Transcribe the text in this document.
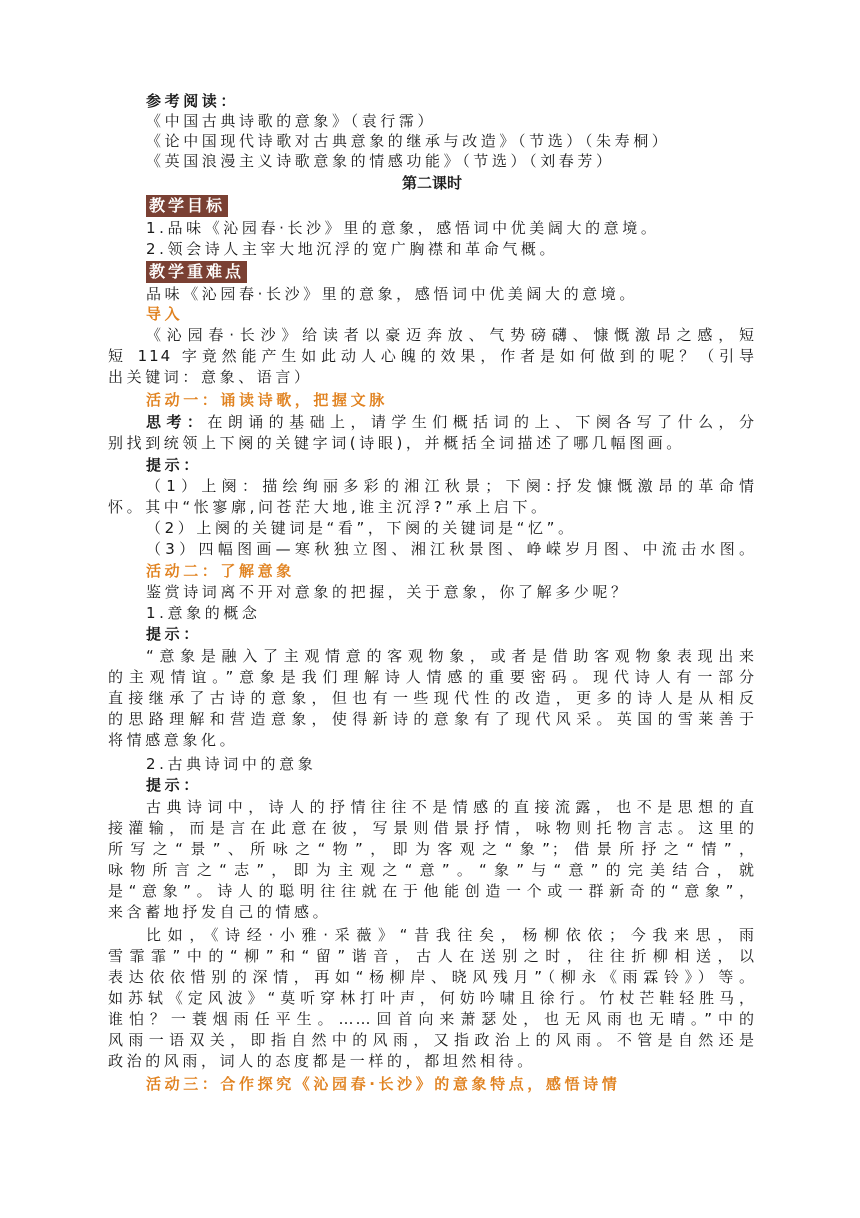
参考阅读：
《中国古典诗歌的意象》（袁行霈）
《论中国现代诗歌对古典意象的继承与改造》（节选）（朱寿桐）
《英国浪漫主义诗歌意象的情感功能》（节选）（刘春芳）
第二课时
教学目标
1.品味《沁园春·长沙》里的意象，感悟词中优美阔大的意境。
2.领会诗人主宰大地沉浮的宽广胸襟和革命气概。
教学重难点
品味《沁园春·长沙》里的意象，感悟词中优美阔大的意境。
导入
《沁园春·长沙》给读者以豪迈奔放、气势磅礴、慷慨激昂之感，短
短 114 字竟然能产生如此动人心魄的效果，作者是如何做到的呢？（引导
出关键词：意象、语言）
活动一：诵读诗歌，把握文脉
思考：在朗诵的基础上，请学生们概括词的上、下阕各写了什么，分
别找到统领上下阕的关键字词(诗眼)，并概括全词描述了哪几幅图画。
提示：
（1）上阕：描绘绚丽多彩的湘江秋景；下阕:抒发慷慨激昂的革命情
怀。其中“怅寥廓,问苍茫大地,谁主沉浮?”承上启下。
（2）上阕的关键词是“看”，下阕的关键词是“忆”。
（3）四幅图画—寒秋独立图、湘江秋景图、峥嵘岁月图、中流击水图。
活动二：了解意象
鉴赏诗词离不开对意象的把握，关于意象，你了解多少呢？
1.意象的概念
提示：
“意象是融入了主观情意的客观物象，或者是借助客观物象表现出来
的主观情谊。”意象是我们理解诗人情感的重要密码。现代诗人有一部分
直接继承了古诗的意象，但也有一些现代性的改造，更多的诗人是从相反
的思路理解和营造意象，使得新诗的意象有了现代风采。英国的雪莱善于
将情感意象化。
2.古典诗词中的意象
提示：
古典诗词中，诗人的抒情往往不是情感的直接流露，也不是思想的直
接灌输，而是言在此意在彼，写景则借景抒情，咏物则托物言志。这里的
所写之“景”、所咏之“物”，即为客观之“象”；借景所抒之“情”，
咏物所言之“志”，即为主观之“意”。“象”与“意”的完美结合，就
是“意象”。诗人的聪明往往就在于他能创造一个或一群新奇的“意象”，
来含蓄地抒发自己的情感。
比如，《诗经·小雅·采薇》“昔我往矣，杨柳依依；今我来思，雨
雪霏霏”中的“柳”和“留”谐音，古人在送别之时，往往折柳相送，以
表达依依惜别的深情，再如“杨柳岸、晓风残月”（柳永《雨霖铃》）等。
如苏轼《定风波》“莫听穿林打叶声，何妨吟啸且徐行。竹杖芒鞋轻胜马，
谁怕？一蓑烟雨任平生。……回首向来萧瑟处，也无风雨也无晴。”中的
风雨一语双关，即指自然中的风雨，又指政治上的风雨。不管是自然还是
政治的风雨，词人的态度都是一样的，都坦然相待。
活动三：合作探究《沁园春·长沙》的意象特点，感悟诗情
